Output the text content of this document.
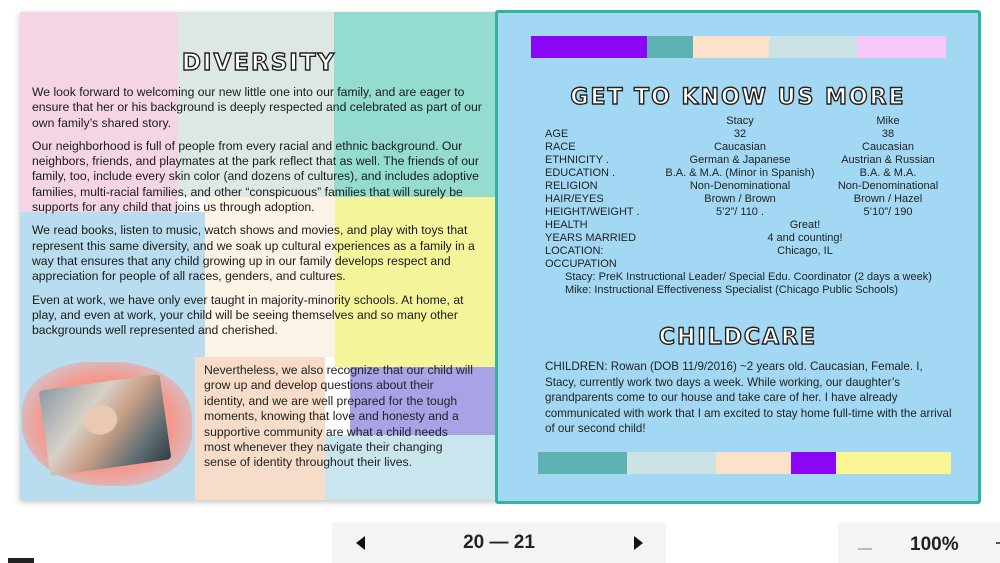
DIVERSITY

We look forward to welcoming our new little one into our family, and are eager to ensure that her or his background is deeply respected and celebrated as part of our own family’s shared story.

Our neighborhood is full of people from every racial and ethnic background. Our neighbors, friends, and playmates at the park reflect that as well. The friends of our family, too, include every skin color (and dozens of cultures), and includes adoptive families, multi-racial families, and other “conspicuous” families that will surely be supports for any child that joins us through adoption.

We read books, listen to music, watch shows and movies, and play with toys that represent this same diversity, and we soak up cultural experiences as a family in a way that ensures that any child growing up in our family develops respect and appreciation for people of all races, genders, and cultures.

Even at work, we have only ever taught in majority-minority schools. At home, at play, and even at work, your child will be seeing themselves and so many other backgrounds well represented and cherished.

Nevertheless, we also recognize that our child will grow up and develop questions about their identity, and we are well prepared for the tough moments, knowing that love and honesty and a supportive community are what a child needs most whenever they navigate their changing sense of identity throughout their lives.
GET TO KNOW US MORE
Stacy	Mike
AGE	32	38
RACE	Caucasian	Caucasian
ETHNICITY .	German & Japanese	Austrian & Russian
EDUCATION .	B.A. & M.A. (Minor in Spanish)	B.A. & M.A.
RELIGION	Non-Denominational	Non-Denominational
HAIR/EYES	Brown / Brown	Brown / Hazel
HEIGHT/WEIGHT .	5’2”/ 110 .	5’10”/ 190
HEALTH	Great!
YEARS MARRIED	4 and counting!
LOCATION:	Chicago, IL
OCCUPATION
Stacy: PreK Instructional Leader/ Special Edu. Coordinator (2 days a week)
Mike: Instructional Effectiveness Specialist (Chicago Public Schools)
CHILDCARE
CHILDREN: Rowan (DOB 11/9/2016) ~2 years old. Caucasian, Female. I, Stacy, currently work two days a week. While working, our daughter’s grandparents come to our house and take care of her. I have already communicated with work that I am excited to stay home full-time with the arrival of our second child!
20 — 21	100%
